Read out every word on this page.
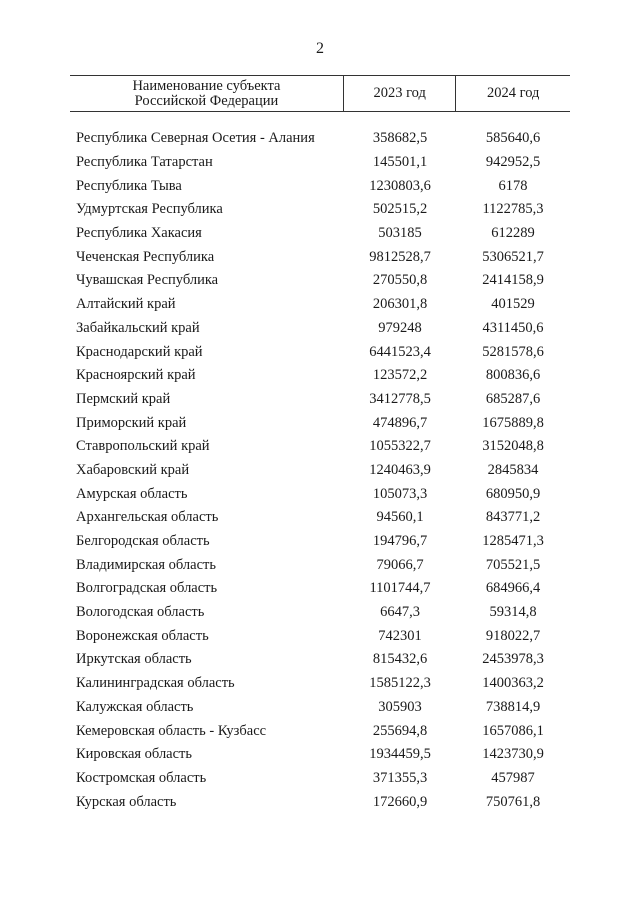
2
Наименование субъекта
Российской Федерации	2023 год	2024 год
Республика Северная Осетия - Алания	358682,5	585640,6
Республика Татарстан	145501,1	942952,5
Республика Тыва	1230803,6	6178
Удмуртская Республика	502515,2	1122785,3
Республика Хакасия	503185	612289
Чеченская Республика	9812528,7	5306521,7
Чувашская Республика	270550,8	2414158,9
Алтайский край	206301,8	401529
Забайкальский край	979248	4311450,6
Краснодарский край	6441523,4	5281578,6
Красноярский край	123572,2	800836,6
Пермский край	3412778,5	685287,6
Приморский край	474896,7	1675889,8
Ставропольский край	1055322,7	3152048,8
Хабаровский край	1240463,9	2845834
Амурская область	105073,3	680950,9
Архангельская область	94560,1	843771,2
Белгородская область	194796,7	1285471,3
Владимирская область	79066,7	705521,5
Волгоградская область	1101744,7	684966,4
Вологодская область	6647,3	59314,8
Воронежская область	742301	918022,7
Иркутская область	815432,6	2453978,3
Калининградская область	1585122,3	1400363,2
Калужская область	305903	738814,9
Кемеровская область - Кузбасс	255694,8	1657086,1
Кировская область	1934459,5	1423730,9
Костромская область	371355,3	457987
Курская область	172660,9	750761,8
